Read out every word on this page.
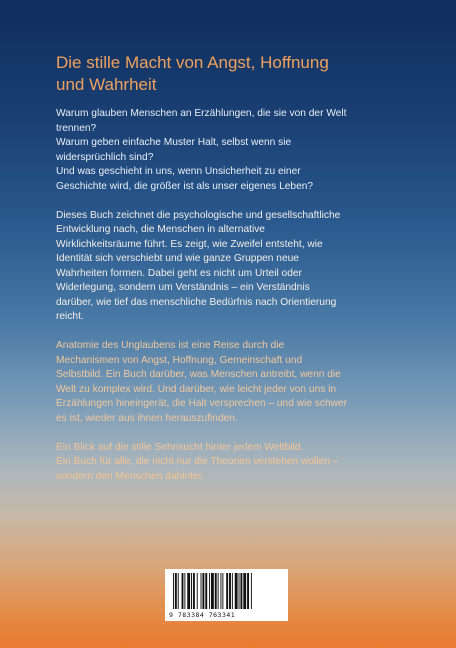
Die stille Macht von Angst, Hoffnung
und Wahrheit

Warum glauben Menschen an Erzählungen, die sie von der Welt
trennen?
Warum geben einfache Muster Halt, selbst wenn sie
widersprüchlich sind?
Und was geschieht in uns, wenn Unsicherheit zu einer
Geschichte wird, die größer ist als unser eigenes Leben?

Dieses Buch zeichnet die psychologische und gesellschaftliche
Entwicklung nach, die Menschen in alternative
Wirklichkeitsräume führt. Es zeigt, wie Zweifel entsteht, wie
Identität sich verschiebt und wie ganze Gruppen neue
Wahrheiten formen. Dabei geht es nicht um Urteil oder
Widerlegung, sondern um Verständnis – ein Verständnis
darüber, wie tief das menschliche Bedürfnis nach Orientierung
reicht.

Anatomie des Unglaubens ist eine Reise durch die
Mechanismen von Angst, Hoffnung, Gemeinschaft und
Selbstbild. Ein Buch darüber, was Menschen antreibt, wenn die
Welt zu komplex wird. Und darüber, wie leicht jeder von uns in
Erzählungen hineingerät, die Halt versprechen – und wie schwer
es ist, wieder aus ihnen herauszufinden.

Ein Blick auf die stille Sehnsucht hinter jedem Weltbild.
Ein Buch für alle, die nicht nur die Theorien verstehen wollen –
sondern den Menschen dahinter.

9 783384 763341
